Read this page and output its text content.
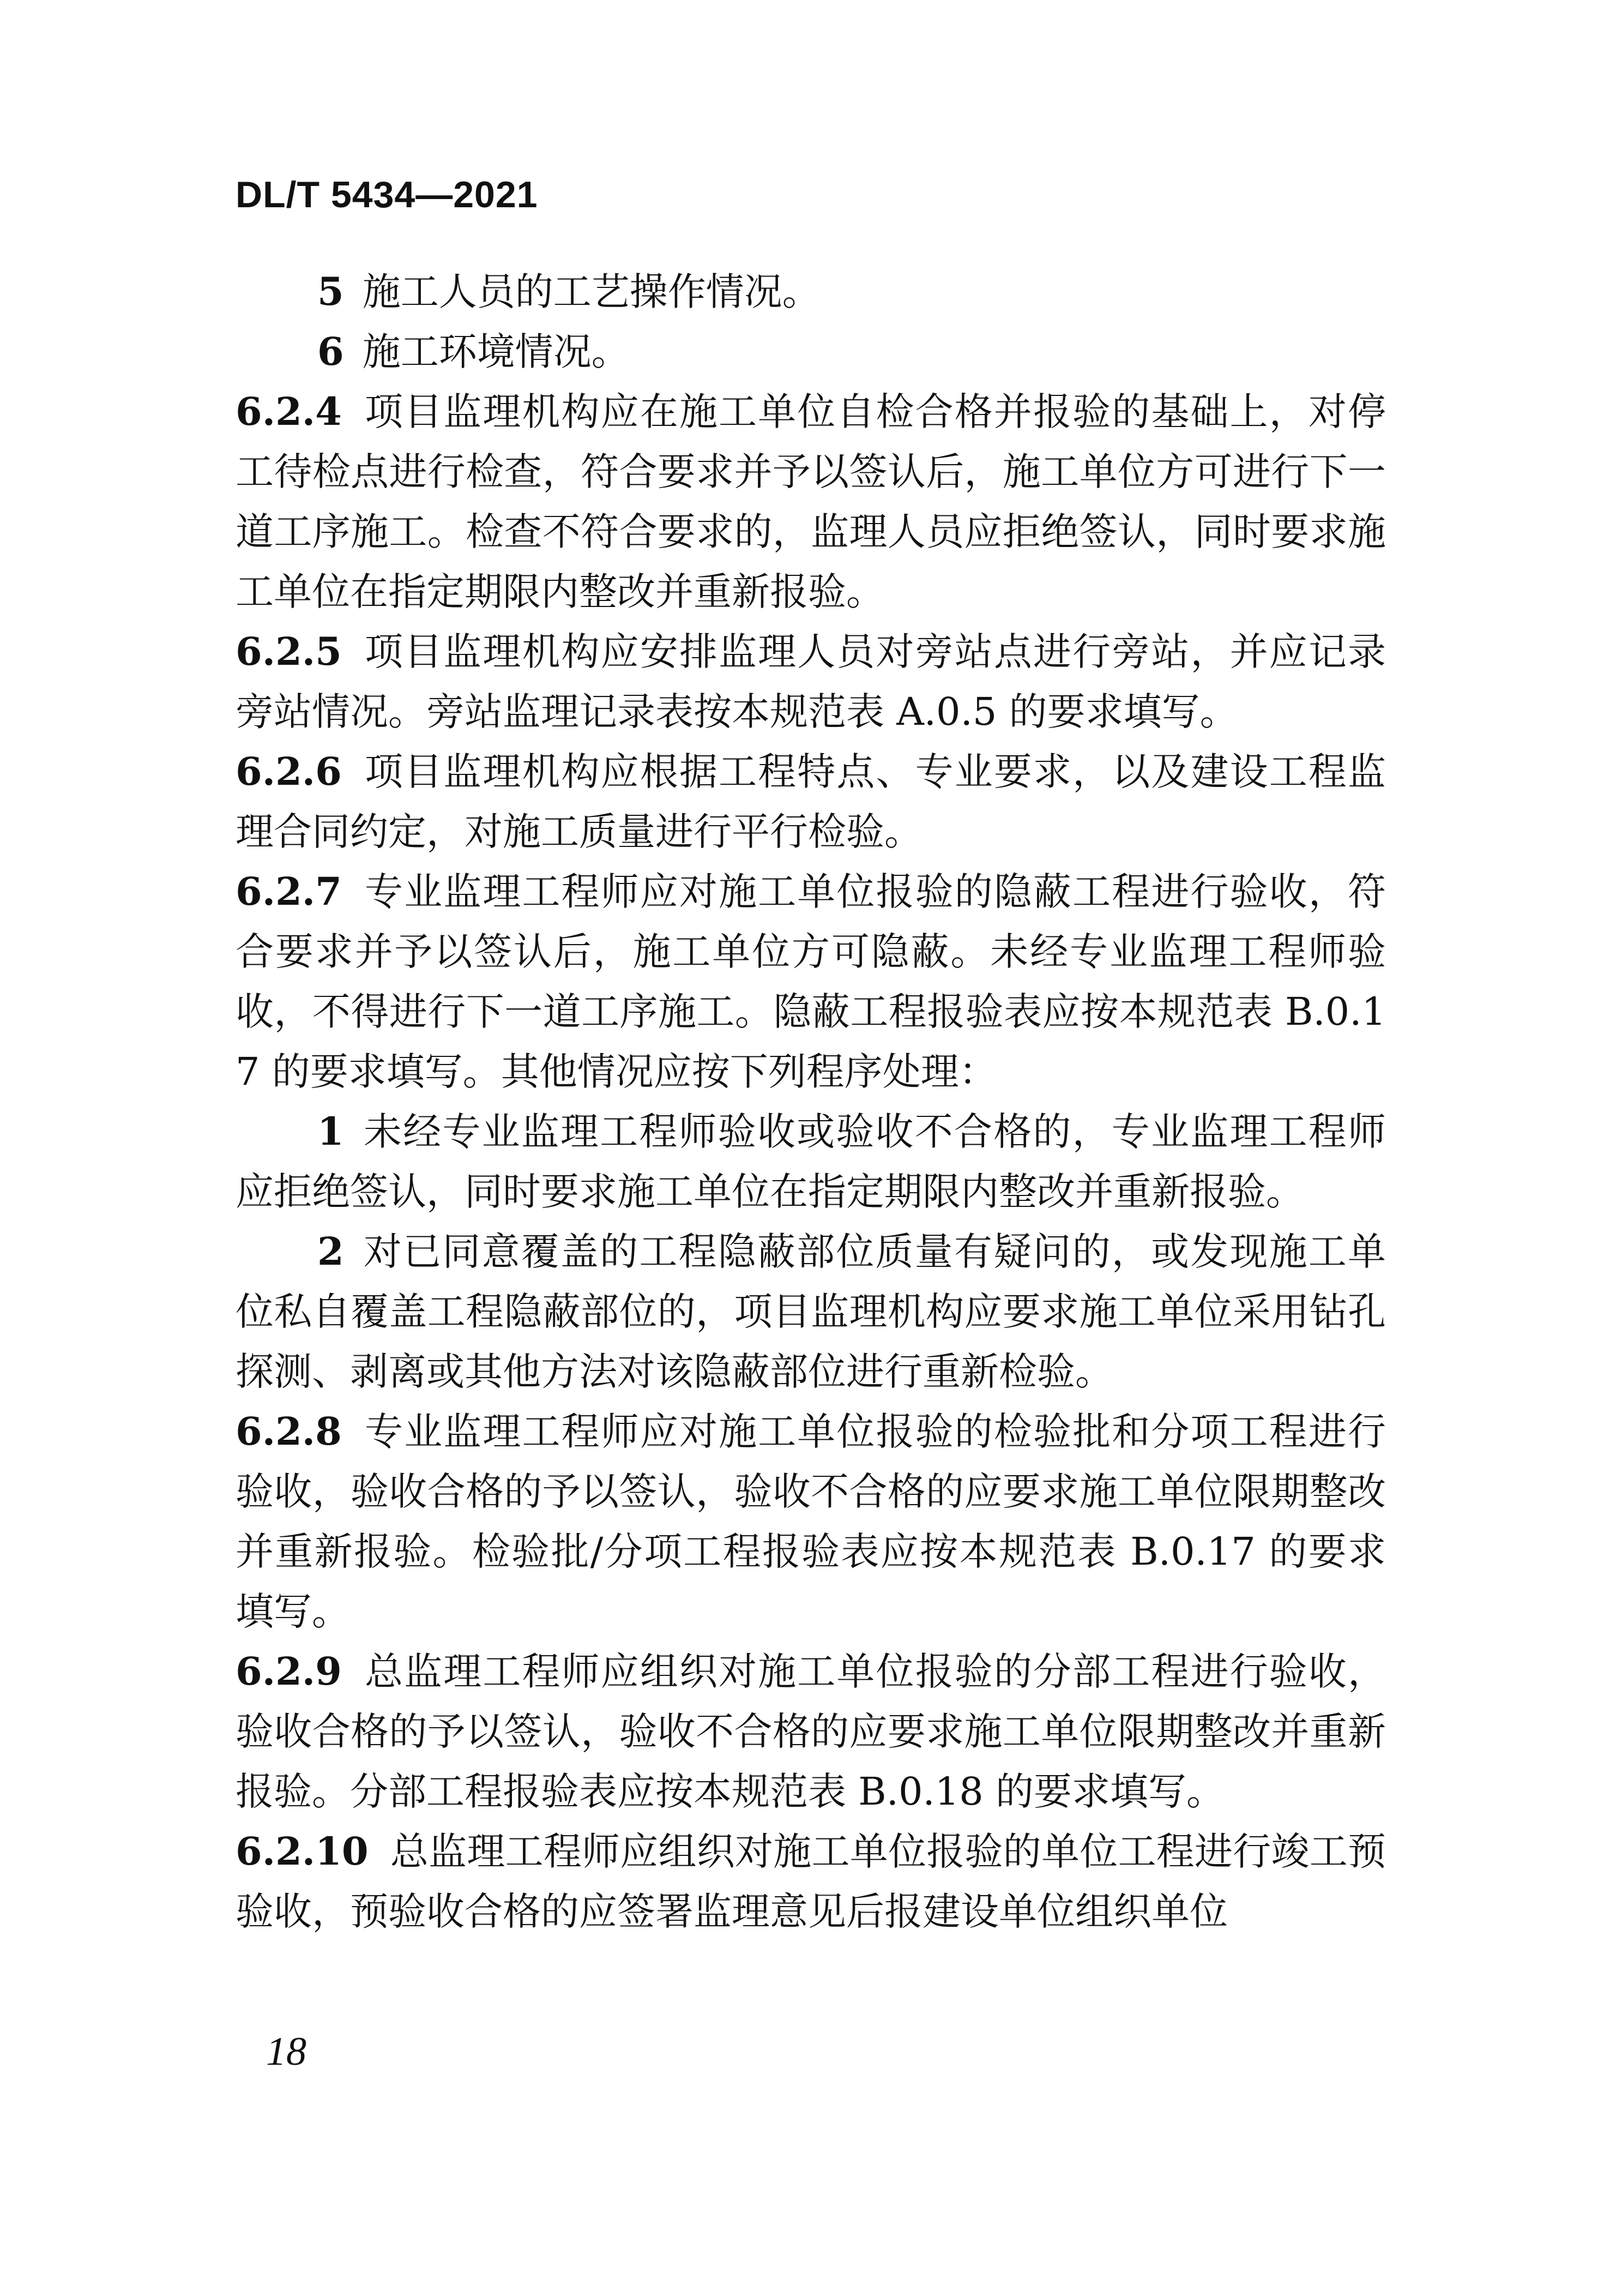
DL/T 5434—2021

5 施工人员的工艺操作情况。

6 施工环境情况。

6.2.4 项目监理机构应在施工单位自检合格并报验的基础上，对停工待检点进行检查，符合要求并予以签认后，施工单位方可进行下一道工序施工。检查不符合要求的，监理人员应拒绝签认，同时要求施工单位在指定期限内整改并重新报验。

6.2.5 项目监理机构应安排监理人员对旁站点进行旁站，并应记录旁站情况。旁站监理记录表按本规范表 A.0.5 的要求填写。

6.2.6 项目监理机构应根据工程特点、专业要求，以及建设工程监理合同约定，对施工质量进行平行检验。

6.2.7 专业监理工程师应对施工单位报验的隐蔽工程进行验收，符合要求并予以签认后，施工单位方可隐蔽。未经专业监理工程师验收，不得进行下一道工序施工。隐蔽工程报验表应按本规范表 B.0.17 的要求填写。其他情况应按下列程序处理：

1 未经专业监理工程师验收或验收不合格的，专业监理工程师应拒绝签认，同时要求施工单位在指定期限内整改并重新报验。

2 对已同意覆盖的工程隐蔽部位质量有疑问的，或发现施工单位私自覆盖工程隐蔽部位的，项目监理机构应要求施工单位采用钻孔探测、剥离或其他方法对该隐蔽部位进行重新检验。

6.2.8 专业监理工程师应对施工单位报验的检验批和分项工程进行验收，验收合格的予以签认，验收不合格的应要求施工单位限期整改并重新报验。检验批/分项工程报验表应按本规范表 B.0.17 的要求填写。

6.2.9 总监理工程师应组织对施工单位报验的分部工程进行验收，验收合格的予以签认，验收不合格的应要求施工单位限期整改并重新报验。分部工程报验表应按本规范表 B.0.18 的要求填写。

6.2.10 总监理工程师应组织对施工单位报验的单位工程进行竣工预验收，预验收合格的应签署监理意见后报建设单位组织单位

18
